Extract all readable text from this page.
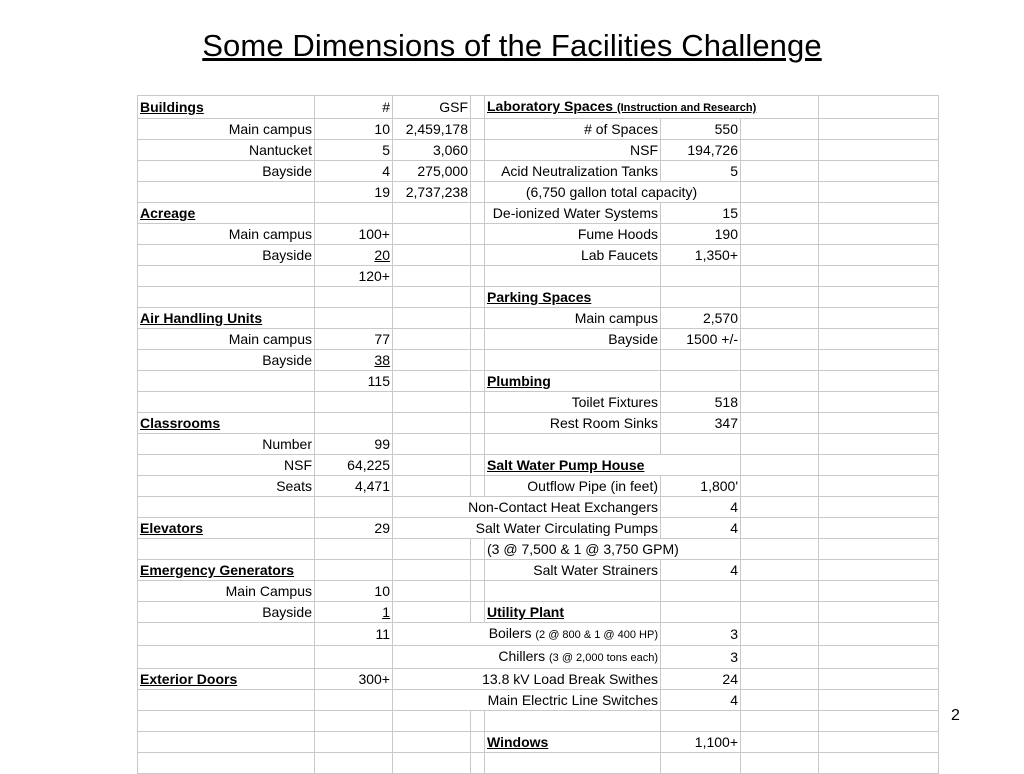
Some Dimensions of the Facilities Challenge
Buildings	#	GSF		Laboratory Spaces (Instruction and Research)			
Main campus	10	2,459,178		# of Spaces	550		
Nantucket	5	3,060		NSF	194,726		
Bayside	4	275,000		Acid Neutralization Tanks	5		
	19	2,737,238		(6,750 gallon total capacity)			
Acreage				De-ionized Water Systems	15		
Main campus	100+			Fume Hoods	190		
Bayside	20			Lab Faucets	1,350+		
	120+						
				Parking Spaces			
Air Handling Units				Main campus	2,570		
Main campus	77			Bayside	1500 +/-		
Bayside	38						
	115			Plumbing			
				Toilet Fixtures	518		
Classrooms				Rest Room Sinks	347		
Number	99						
NSF	64,225			Salt Water Pump House			
Seats	4,471			Outflow Pipe (in feet)	1,800'		
		Non-Contact Heat Exchangers			4		
Elevators	29	Salt Water Circulating Pumps			4		
				(3 @ 7,500 & 1 @ 3,750 GPM)			
Emergency Generators				Salt Water Strainers	4		
Main Campus	10						
Bayside	1			Utility Plant			
	11	Boilers (2 @ 800 & 1 @ 400 HP)			3		
		Chillers (3 @ 2,000 tons each)			3		
Exterior Doors	300+	13.8 kV Load Break Swithes			24		
		Main Electric Line Switches			4		

				Windows	1,100+		

2
